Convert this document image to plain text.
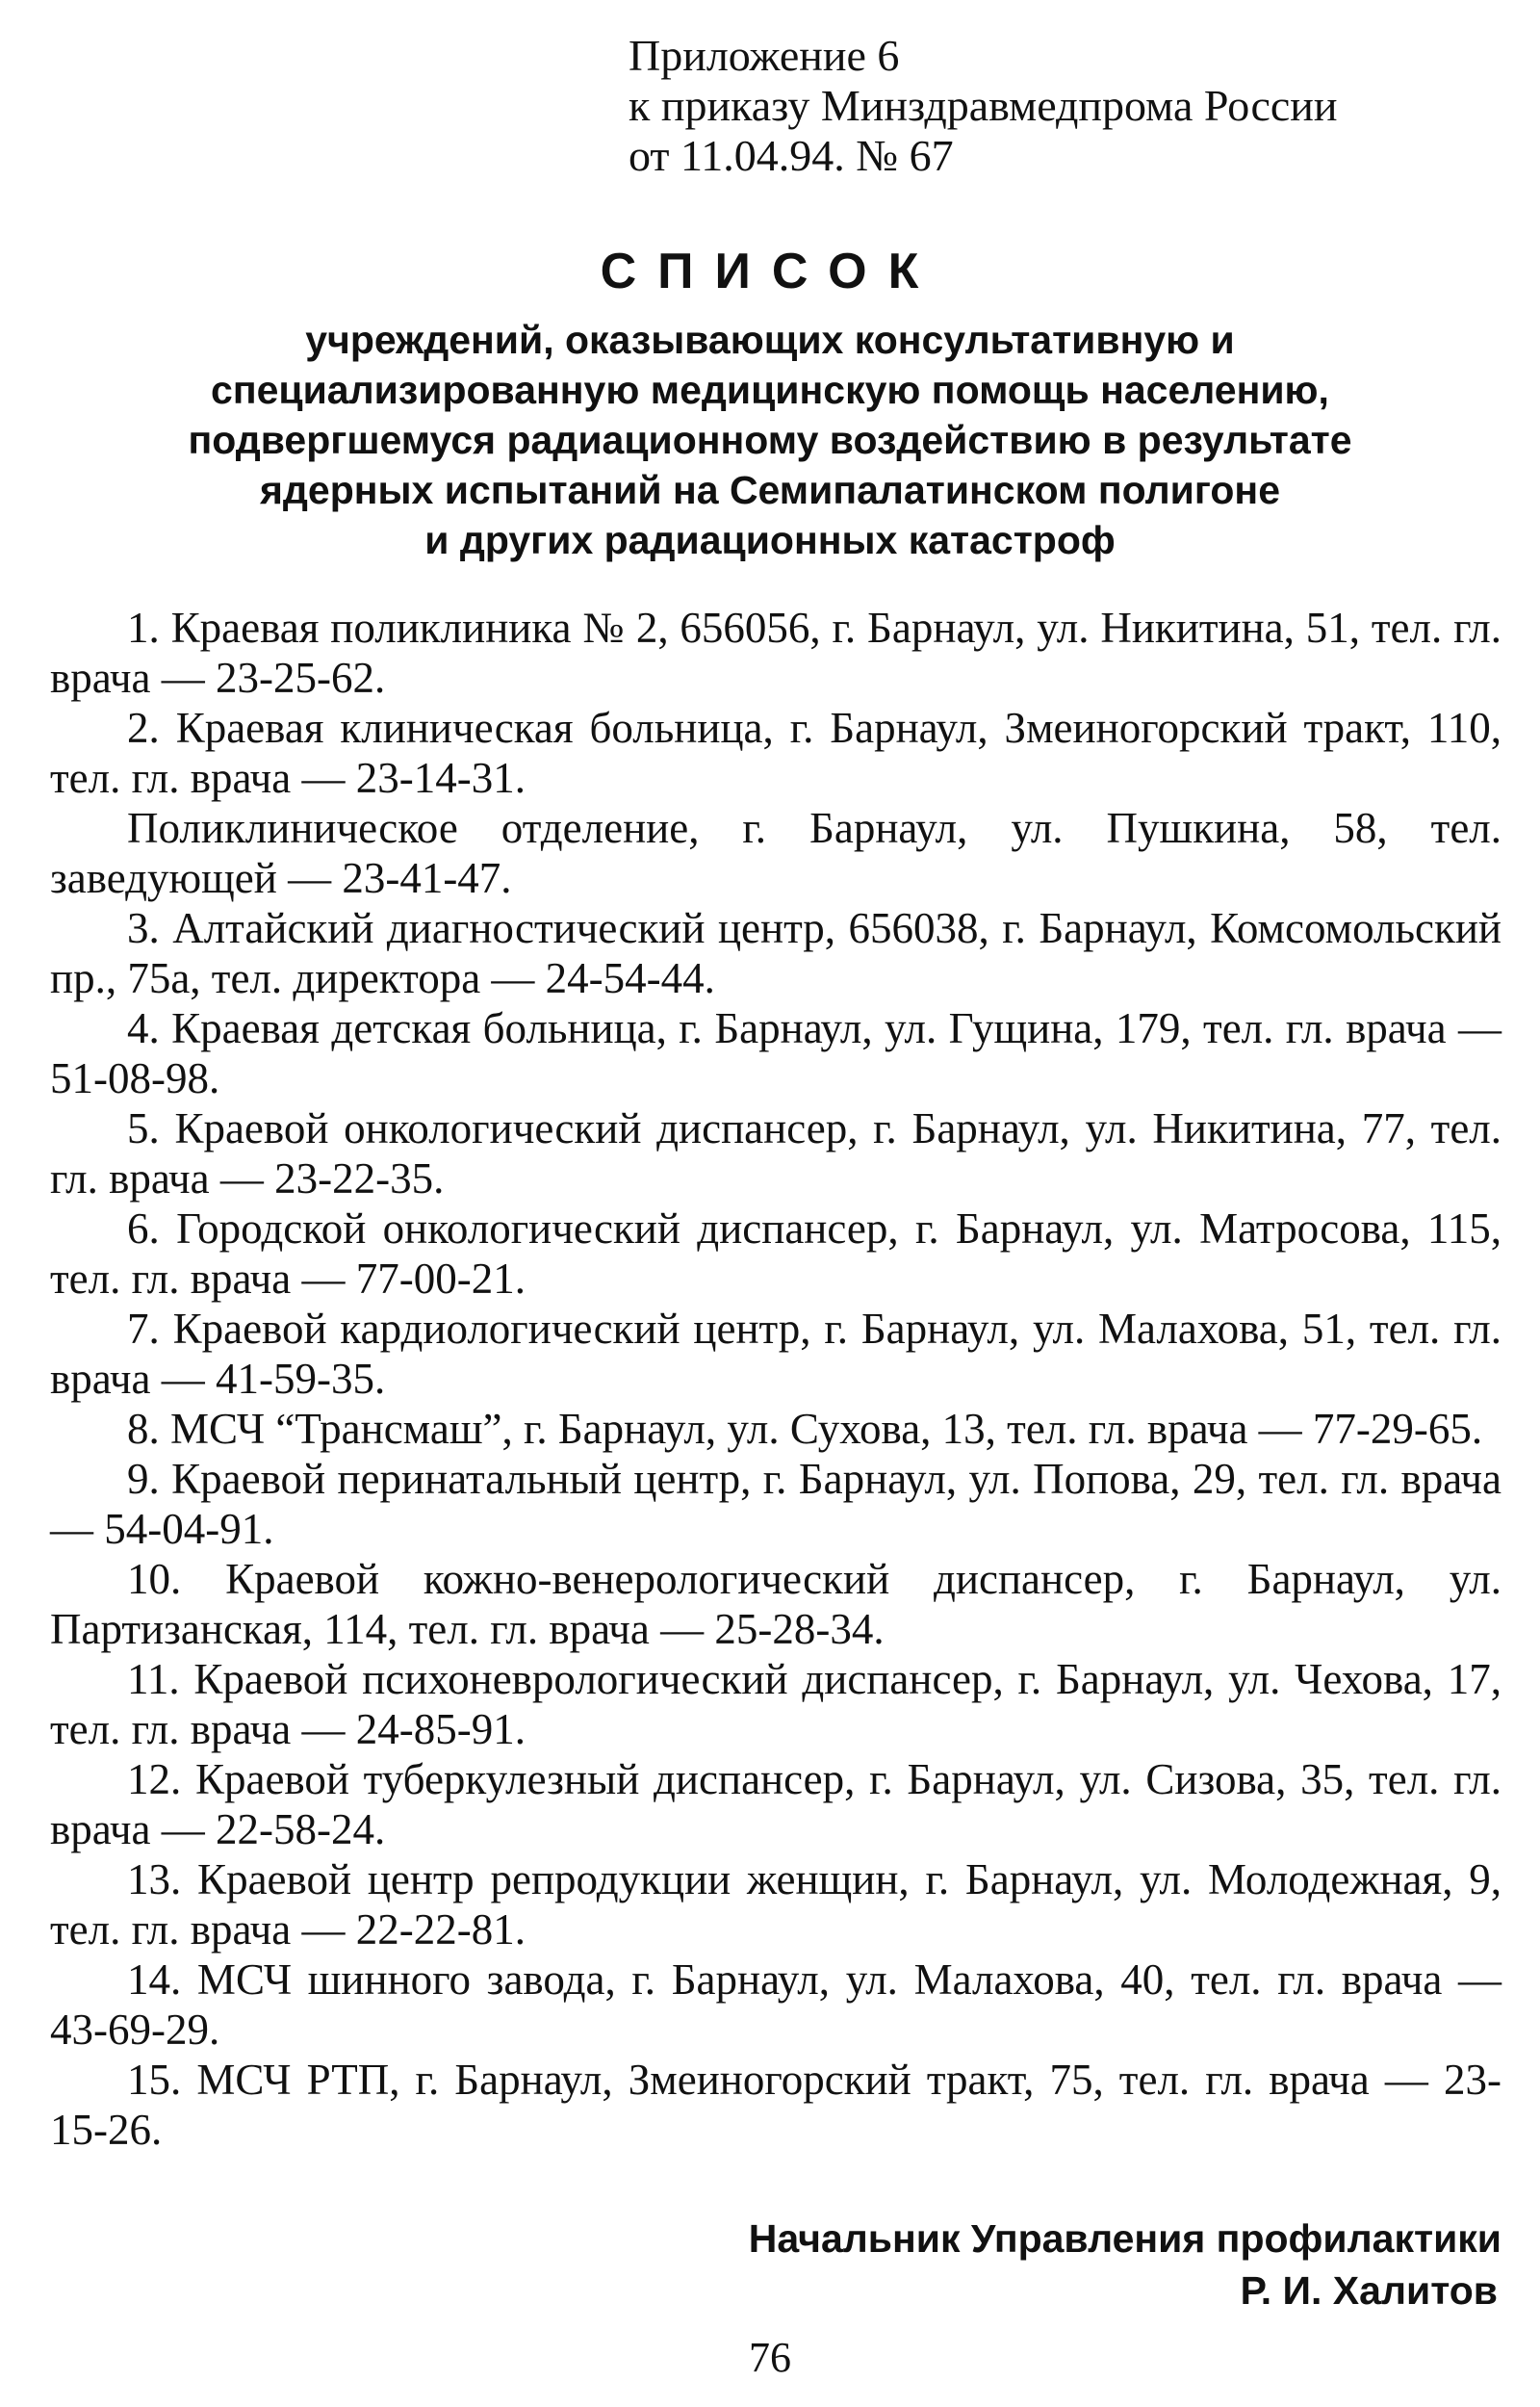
Приложение 6
к приказу Минздравмедпрома России
от 11.04.94. № 67
СПИСОК
учреждений, оказывающих консультативную и
специализированную медицинскую помощь населению,
подвергшемуся радиационному воздействию в результате
ядерных испытаний на Семипалатинском полигоне
и других радиационных катастроф

1. Краевая поликлиника № 2, 656056, г. Барнаул, ул. Никитина, 51, тел. гл. врача — 23-25-62.

2. Краевая клиническая больница, г. Барнаул, Змеиногорский тракт, 110, тел. гл. врача — 23-14-31.

Поликлиническое отделение, г. Барнаул, ул. Пушкина, 58, тел. заведующей — 23-41-47.

3. Алтайский диагностический центр, 656038, г. Барнаул, Комсомольский пр., 75а, тел. директора — 24-54-44.

4. Краевая детская больница, г. Барнаул, ул. Гущина, 179, тел. гл. врача — 51-08-98.

5. Краевой онкологический диспансер, г. Барнаул, ул. Никитина, 77, тел. гл. врача — 23-22-35.

6. Городской онкологический диспансер, г. Барнаул, ул. Матросова, 115, тел. гл. врача — 77-00-21.

7. Краевой кардиологический центр, г. Барнаул, ул. Малахова, 51, тел. гл. врача — 41-59-35.

8. МСЧ “Трансмаш”, г. Барнаул, ул. Сухова, 13, тел. гл. врача — 77-29-65.

9. Краевой перинатальный центр, г. Барнаул, ул. Попова, 29, тел. гл. врача — 54-04-91.

10. Краевой кожно-венерологический диспансер, г. Барнаул, ул. Партизанская, 114, тел. гл. врача — 25-28-34.

11. Краевой психоневрологический диспансер, г. Барнаул, ул. Чехова, 17, тел. гл. врача — 24-85-91.

12. Краевой туберкулезный диспансер, г. Барнаул, ул. Сизова, 35, тел. гл. врача — 22-58-24.

13. Краевой центр репродукции женщин, г. Барнаул, ул. Молодежная, 9, тел. гл. врача — 22-22-81.

14. МСЧ шинного завода, г. Барнаул, ул. Малахова, 40, тел. гл. врача — 43-69-29.

15. МСЧ РТП, г. Барнаул, Змеиногорский тракт, 75, тел. гл. врача — 23-15-26.

Начальник Управления профилактики
Р. И. Халитов
76
